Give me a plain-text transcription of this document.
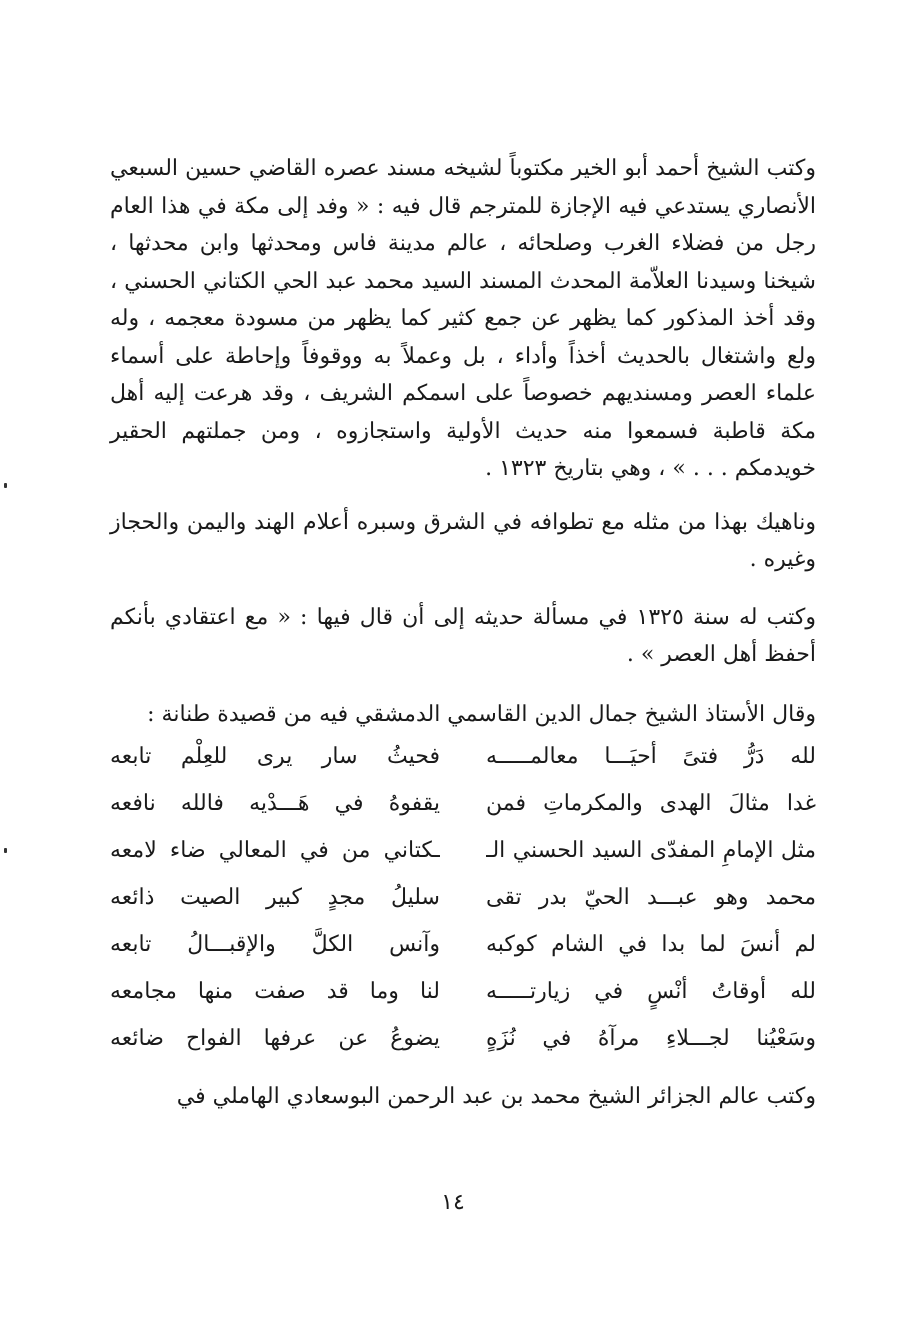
وكتب الشيخ أحمد أبو الخير مكتوباً لشيخه مسند عصره القاضي حسين السبعي الأنصاري يستدعي فيه الإجازة للمترجم قال فيه : « وفد إلى مكة في هذا العام رجل من فضلاء الغرب وصلحائه ، عالم مدينة فاس ومحدثها وابن محدثها ، شيخنا وسيدنا العلاّمة المحدث المسند السيد محمد عبد الحي الكتاني الحسني ، وقد أخذ المذكور كما يظهر عن جمع كثير كما يظهر من مسودة معجمه ، وله ولع واشتغال بالحديث أخذاً وأداء ، بل وعملاً به ووقوفاً وإحاطة على أسماء علماء العصر ومسنديهم خصوصاً على اسمكم الشريف ، وقد هرعت إليه أهل مكة قاطبة فسمعوا منه حديث الأولية واستجازوه ، ومن جملتهم الحقير خويدمكم . . . » ، وهي بتاريخ ١٣٢٣ .

وناهيك بهذا من مثله مع تطوافه في الشرق وسبره أعلام الهند واليمن والحجاز وغيره .

وكتب له سنة ١٣٢٥ في مسألة حديثه إلى أن قال فيها : « مع اعتقادي بأنكم أحفظ أهل العصر » .

وقال الأستاذ الشيخ جمال الدين القاسمي الدمشقي فيه من قصيدة طنانة :

لله دَرُّ فتىً أحيَـــا معالمـــــه
فحيثُ سار يرى للعِلْم تابعه
غدا مثالَ الهدى والمكرماتِ فمن
يقفوهُ في هَـــدْيه فالله نافعه
مثل الإمامِ المفدّى السيد الحسني الـ
ـكتاني من في المعالي ضاء لامعه
محمد وهو عبـــد الحيّ بدر تقى
سليلُ مجدٍ كبير الصيت ذائعه
لم أنسَ لما بدا في الشام كوكبه
وآنس الكلَّ والإقبـــالُ تابعه
لله أوقاتُ أنْسٍ في زيارتـــــه
لنا وما قد صفت منها مجامعه
وسَعْيُنا لجـــلاءِ مرآهُ في نُزَهٍ
يضوعُ عن عرفها الفواح ضائعه

وكتب عالم الجزائر الشيخ محمد بن عبد الرحمن البوسعادي الهاملي في

١٤
